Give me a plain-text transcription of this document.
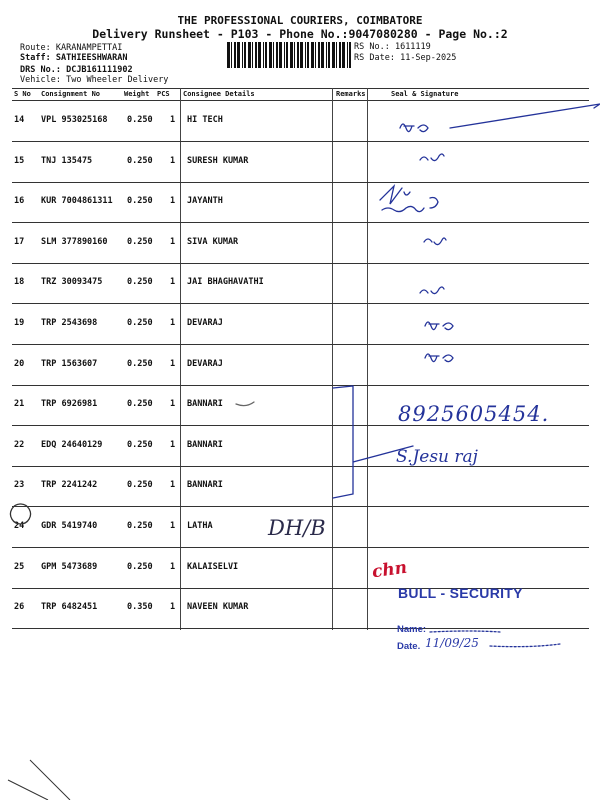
THE PROFESSIONAL COURIERS, COIMBATORE
Delivery Runsheet - P103 - Phone No.:9047080280 - Page No.:2
Route: KARANAMPETTAI
Staff: SATHIEESHWARAN
DRS No.: DCJB161111902
Vehicle: Two Wheeler Delivery
RS No.: 1611119
RS Date: 11-Sep-2025
S No Consignment No	Weight PCS Consignee Details	Remarks	Seal & Signature
14 VPL 953025168 0.250 1 HI TECH
15 TNJ 135475	0.250 1 SURESH KUMAR
16 KUR 7004861311 0.250 1 JAYANTH
17 SLM 377890160 0.250 1 SIVA KUMAR
18 TRZ 30093475	0.250 1 JAI BHAGHAVATHI
19 TRP 2543698	0.250 1 DEVARAJ
20 TRP 1563607	0.250 1 DEVARAJ
21 TRP 6926981	0.250 1 BANNARI
22 EDQ 24640129	0.250 1 BANNARI
23 TRP 2241242	0.250 1 BANNARI
24 GDR 5419740	0.250 1 LATHA
25 GPM 5473689	0.250 1 KALAISELVI
26 TRP 6482451	0.350 1 NAVEEN KUMAR
8925605454.
S.Jesu raj
DH/B
chn
BULL - SECURITY
Name:
Date. 11/09/25
